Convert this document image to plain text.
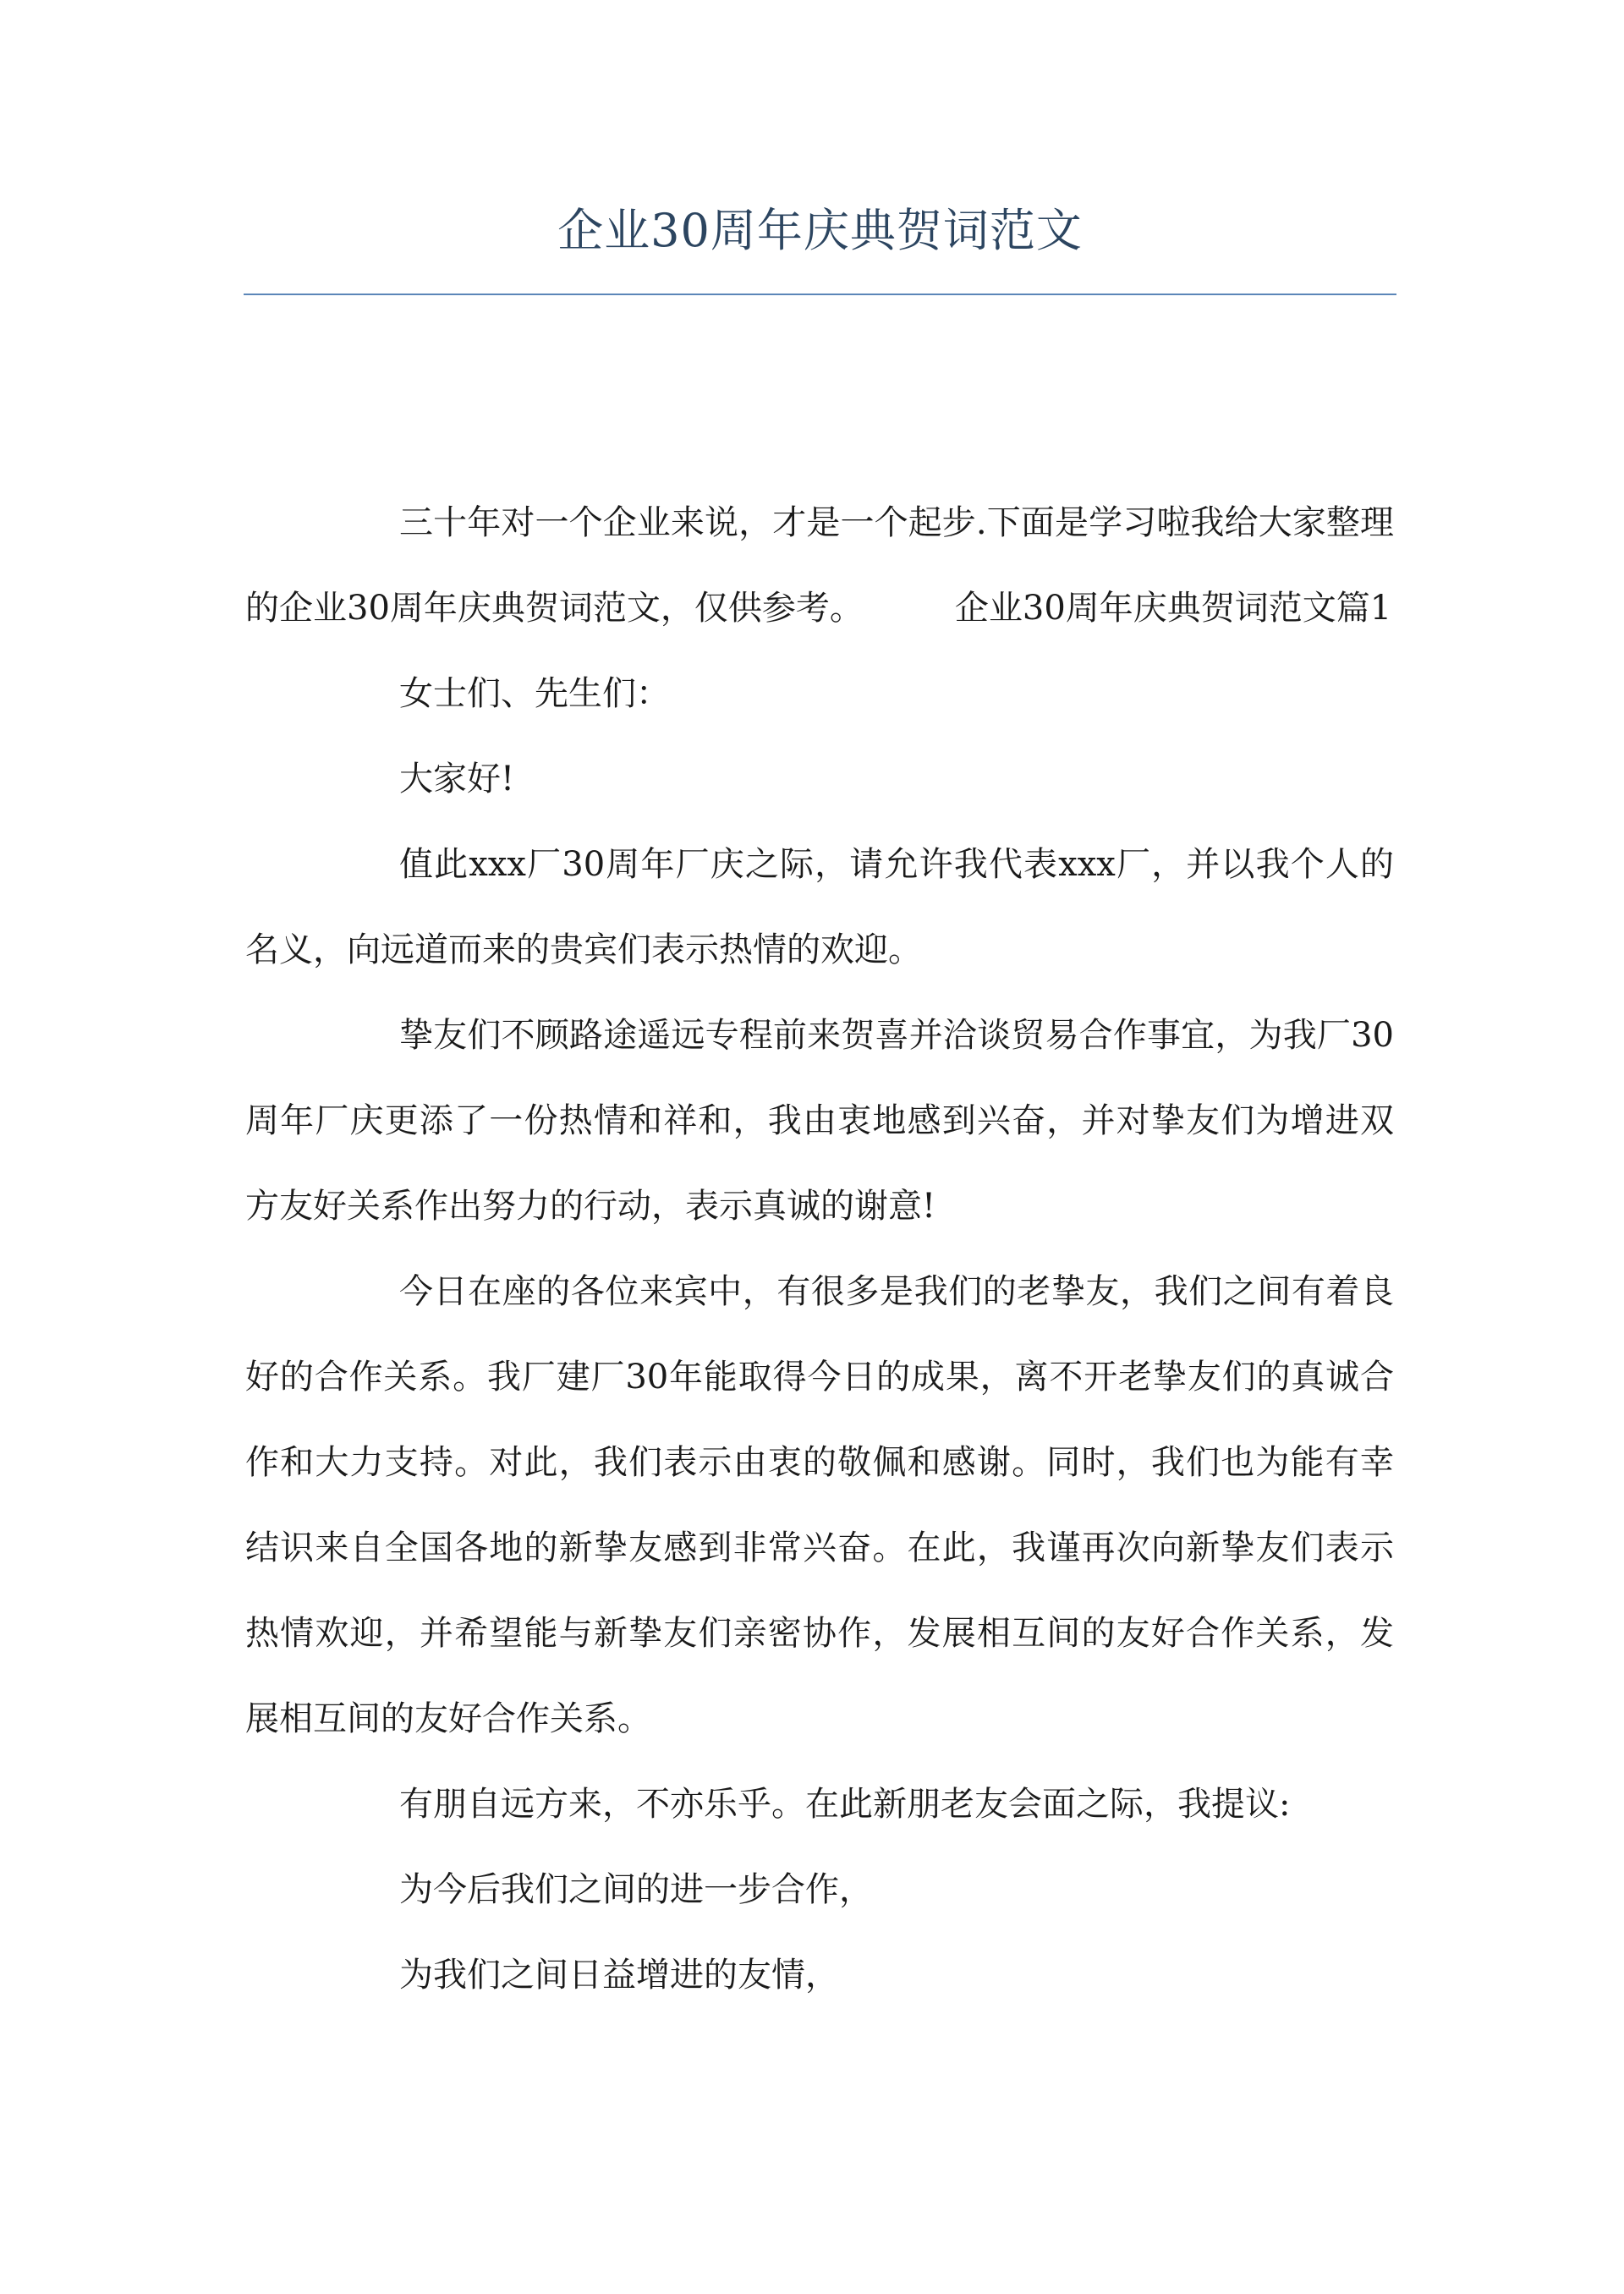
企业30周年庆典贺词范文

三十年对一个企业来说，才是一个起步.下面是学习啦我给大家整理的企业30周年庆典贺词范文，仅供参考。	企业30周年庆典贺词范文篇1

女士们、先生们：

大家好!

值此xxx厂30周年厂庆之际，请允许我代表xxx厂，并以我个人的名义，向远道而来的贵宾们表示热情的欢迎。

挚友们不顾路途遥远专程前来贺喜并洽谈贸易合作事宜，为我厂30周年厂庆更添了一份热情和祥和，我由衷地感到兴奋，并对挚友们为增进双方友好关系作出努力的行动，表示真诚的谢意!

今日在座的各位来宾中，有很多是我们的老挚友，我们之间有着良好的合作关系。我厂建厂30年能取得今日的成果，离不开老挚友们的真诚合作和大力支持。对此，我们表示由衷的敬佩和感谢。同时，我们也为能有幸结识来自全国各地的新挚友感到非常兴奋。在此，我谨再次向新挚友们表示热情欢迎，并希望能与新挚友们亲密协作，发展相互间的友好合作关系，发展相互间的友好合作关系。

有朋自远方来，不亦乐乎。在此新朋老友会面之际，我提议:

为今后我们之间的进一步合作，

为我们之间日益增进的友情，
